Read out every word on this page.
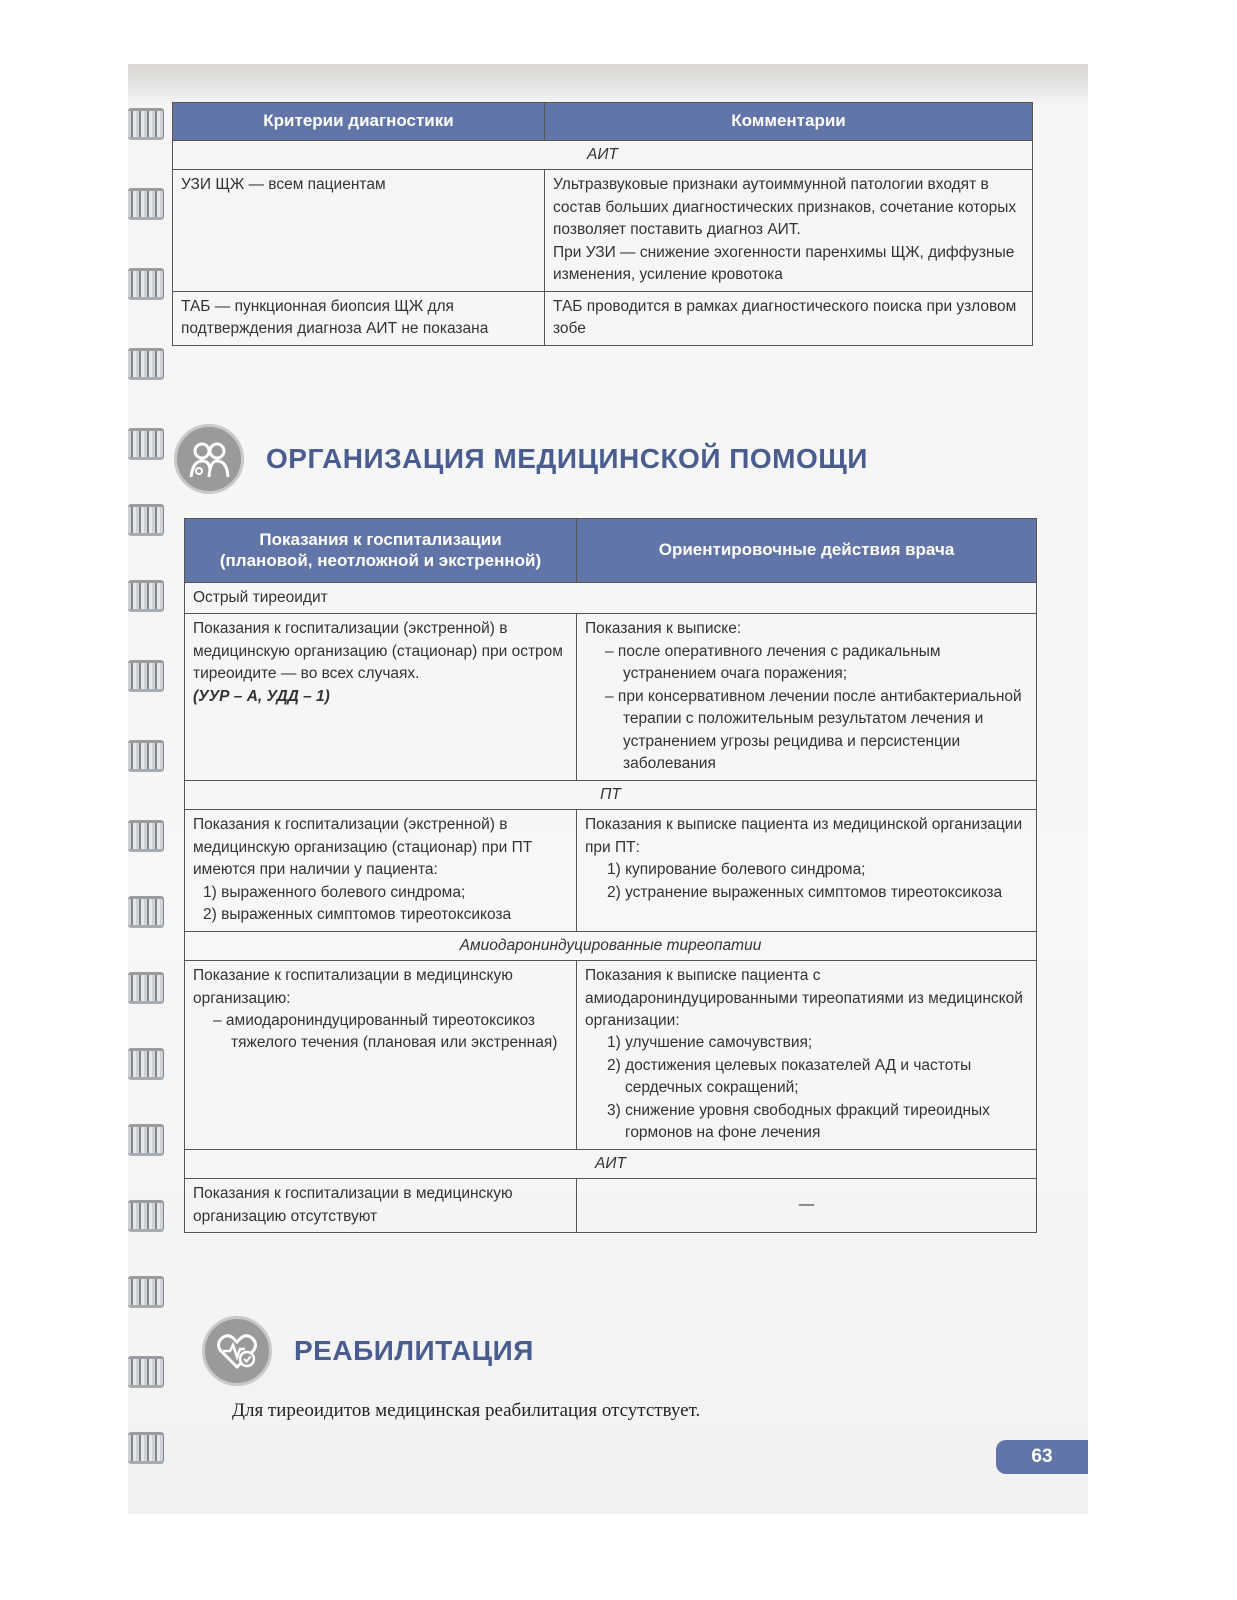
Критерии диагностики	Комментарии
АИТ	
УЗИ ЩЖ — всем пациентам	Ультразвуковые признаки аутоиммунной патологии входят в состав больших диагностических признаков, сочетание которых позволяет поставить диагноз АИТ.
При УЗИ — снижение эхогенности паренхимы ЩЖ, диффузные изменения, усиление кровотока
ТАБ — пункционная биопсия ЩЖ для подтверждения диагноза АИТ не показана	ТАБ проводится в рамках диагностического поиска при узловом зобе
ОРГАНИЗАЦИЯ МЕДИЦИНСКОЙ ПОМОЩИ
Показания к госпитализации
(плановой, неотложной и экстренной)	Ориентировочные действия врача
Острый тиреоидит	
Показания к госпитализации (экстренной) в медицинскую организацию (стационар) при остром тиреоидите — во всех случаях.
(УУР – А, УДД – 1)	Показания к выписке:
– после оперативного лечения с радикальным устранением очага поражения;
– при консервативном лечении после антибактериальной терапии с положительным результатом лечения и устранением угрозы рецидива и персистенции заболевания

ПТ	
Показания к госпитализации (экстренной) в медицинскую организацию (стационар) при ПТ имеются при наличии у пациента:
1) выраженного болевого синдрома;
2) выраженных симптомов тиреотоксикоза	Показания к выписке пациента из медицинской организации при ПТ:
1) купирование болевого синдрома;
2) устранение выраженных симптомов тиреотоксикоза

Амиодарониндуцированные тиреопатии	
Показание к госпитализации в медицинскую организацию:
– амиодарониндуцированный тиреотоксикоз тяжелого течения (плановая или экстренная)	Показания к выписке пациента с амиодарониндуцированными тиреопатиями из медицинской организации:
1) улучшение самочувствия;
2) достижения целевых показателей АД и частоты сердечных сокращений;
3) снижение уровня свободных фракций тиреоидных гормонов на фоне лечения

АИТ	
Показания к госпитализации в медицинскую организацию отсутствуют	—
РЕАБИЛИТАЦИЯ
Для тиреоидитов медицинская реабилитация отсутствует.
63
